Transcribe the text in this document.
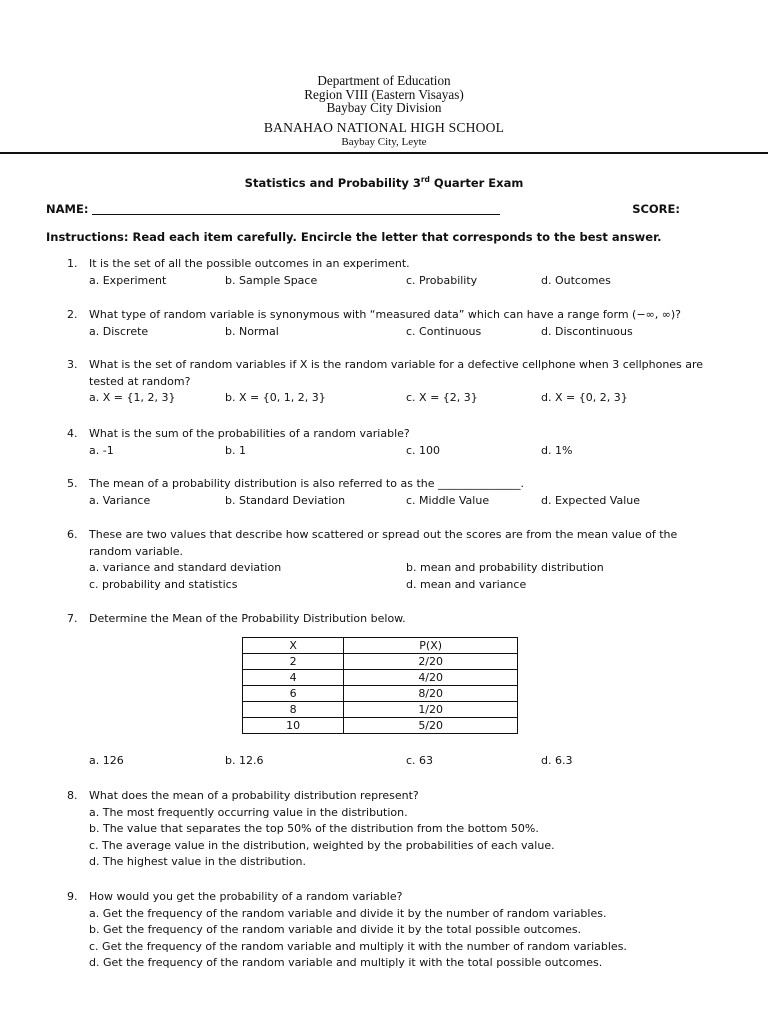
Department of Education
Region VIII (Eastern Visayas)
Baybay City Division
BANAHAO NATIONAL HIGH SCHOOL
Baybay City, Leyte
Statistics and Probability 3rd Quarter Exam
NAME:	SCORE:
Instructions: Read each item carefully. Encircle the letter that corresponds to the best answer.
1. It is the set of all the possible outcomes in an experiment.
a. Experiment	b. Sample Space	c. Probability	d. Outcomes
2. What type of random variable is synonymous with “measured data” which can have a range form (−∞, ∞)?
a. Discrete	b. Normal	c. Continuous	d. Discontinuous
3. What is the set of random variables if X is the random variable for a defective cellphone when 3 cellphones are
tested at random?
a. X = {1, 2, 3}	b. X = {0, 1, 2, 3}	c. X = {2, 3}	d. X = {0, 2, 3}
4. What is the sum of the probabilities of a random variable?
a. -1	b. 1	c. 100	d. 1%
5. The mean of a probability distribution is also referred to as the _______________.
a. Variance	b. Standard Deviation	c. Middle Value	d. Expected Value
6. These are two values that describe how scattered or spread out the scores are from the mean value of the
random variable.
a. variance and standard deviation	b. mean and probability distribution
c. probability and statistics	d. mean and variance
7. Determine the Mean of the Probability Distribution below.
X	P(X)
2	2/20
4	4/20
6	8/20
8	1/20
10	5/20
a. 126	b. 12.6	c. 63	d. 6.3
8. What does the mean of a probability distribution represent?
a. The most frequently occurring value in the distribution.
b. The value that separates the top 50% of the distribution from the bottom 50%.
c. The average value in the distribution, weighted by the probabilities of each value.
d. The highest value in the distribution.
9. How would you get the probability of a random variable?
a. Get the frequency of the random variable and divide it by the number of random variables.
b. Get the frequency of the random variable and divide it by the total possible outcomes.
c. Get the frequency of the random variable and multiply it with the number of random variables.
d. Get the frequency of the random variable and multiply it with the total possible outcomes.
